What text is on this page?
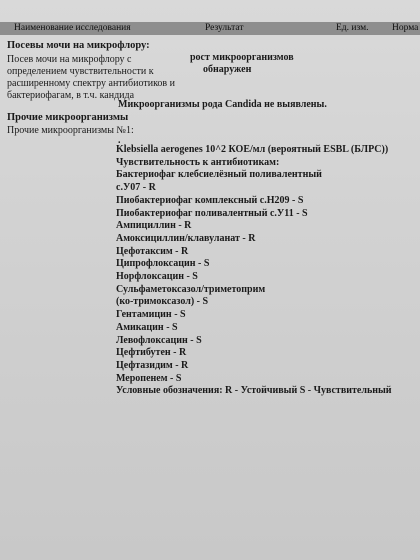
Наименование исследования	Результат	Ед. изм. Норма
Посевы мочи на микрофлору:
Посев мочи на микрофлору с
определением чувствительности к
расширенному спектру антибиотиков и
бактериофагам, в т.ч. кандида
рост микроорганизмов
обнаружен
Микроорганизмы рода Candida не выявлены.
Прочие микроорганизмы
Прочие микроорганизмы №1:
.
Klebsiella aerogenes 10^2 КОЕ/мл (вероятный ESBL (БЛРС))
Чувствительность к антибиотикам:
Бактериофаг клебсиелёзный поливалентный
с.У07 - R
Пиобактериофаг комплексный с.Н209 - S
Пиобактериофаг поливалентный с.У11 - S
Ампициллин - R
Амоксициллин/клавуланат - R
Цефотаксим - R
Ципрофлоксацин - S
Норфлоксацин - S
Сульфаметоксазол/триметоприм
(ко-тримоксазол) - S
Гентамицин - S
Амикацин - S
Левофлоксацин - S
Цефтибутен - R
Цефтазидим - R
Меропенем - S
Условные обозначения: R - Устойчивый S - Чувствительный
